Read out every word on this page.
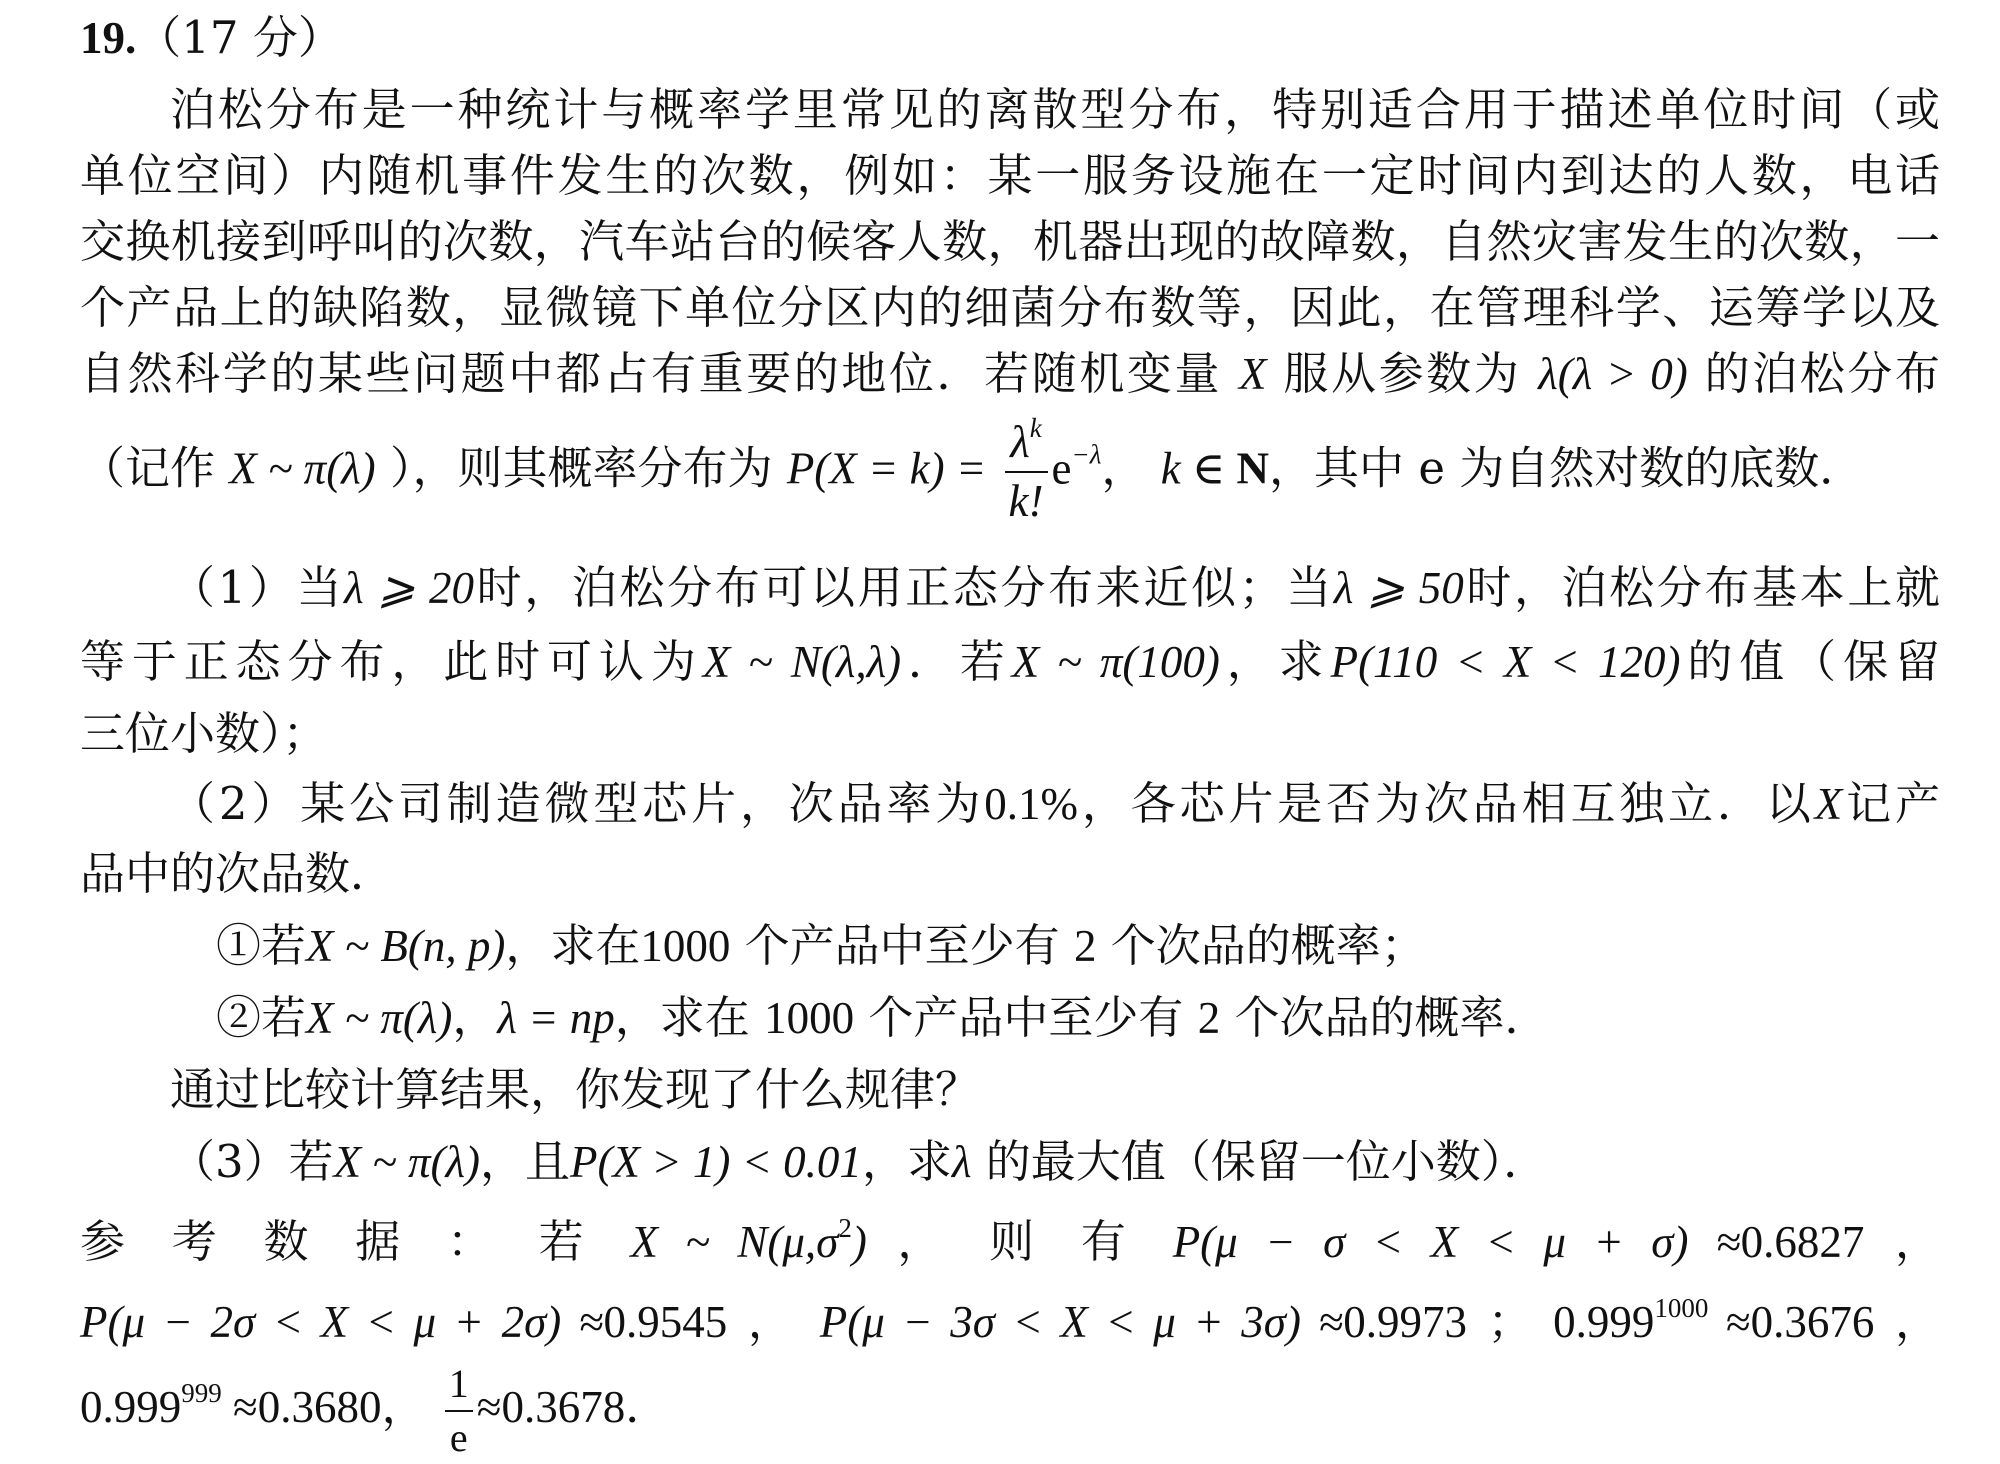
19.（17 分）
泊松分布是一种统计与概率学里常见的离散型分布，特别适合用于描述单位时间（或
单位空间）内随机事件发生的次数，例如：某一服务设施在一定时间内到达的人数，电话
交换机接到呼叫的次数，汽车站台的候客人数，机器出现的故障数，自然灾害发生的次数，一
个产品上的缺陷数，显微镜下单位分区内的细菌分布数等，因此，在管理科学、运筹学以及
自然科学的某些问题中都占有重要的地位．若随机变量 X 服从参数为 λ(λ > 0) 的泊松分布
（记作 X ~ π(λ) ），则其概率分布为 $P(X = k) = \frac{\lambda^k}{k!} e^{-\lambda}$， k ∈ N，其中 e 为自然对数的底数．
（1）当λ ⩾ 20时，泊松分布可以用正态分布来近似；当λ ⩾ 50时，泊松分布基本上就
等于正态分布，此时可认为X ~ N(λ,λ)．若X ~ π(100)，求P(110 < X < 120)的值（保留
三位小数）；
（2）某公司制造微型芯片，次品率为0.1%，各芯片是否为次品相互独立．以X记产
品中的次品数．
①若X ~ B(n, p)，求在1000 个产品中至少有 2 个次品的概率；
②若X ~ π(λ)，λ = np，求在 1000 个产品中至少有 2 个次品的概率．
通过比较计算结果，你发现了什么规律？
（3）若X ~ π(λ)，且P(X > 1) < 0.01，求λ 的最大值（保留一位小数）．
参 考 数 据 ： 若 X ~ $N(\mu,\sigma^2)$ ， 则 有 P(μ − σ < X < μ + σ) ≈0.6827 ，
P(μ − 2σ < X < μ + 2σ) ≈0.9545 ， P(μ − 3σ < X < μ + 3σ) ≈0.9973 ； $0.999^{1000} \approx 0.3676$ ，
$0.999^{999} \approx 0.3680$， $\frac{1}{e} \approx 0.3678$．
